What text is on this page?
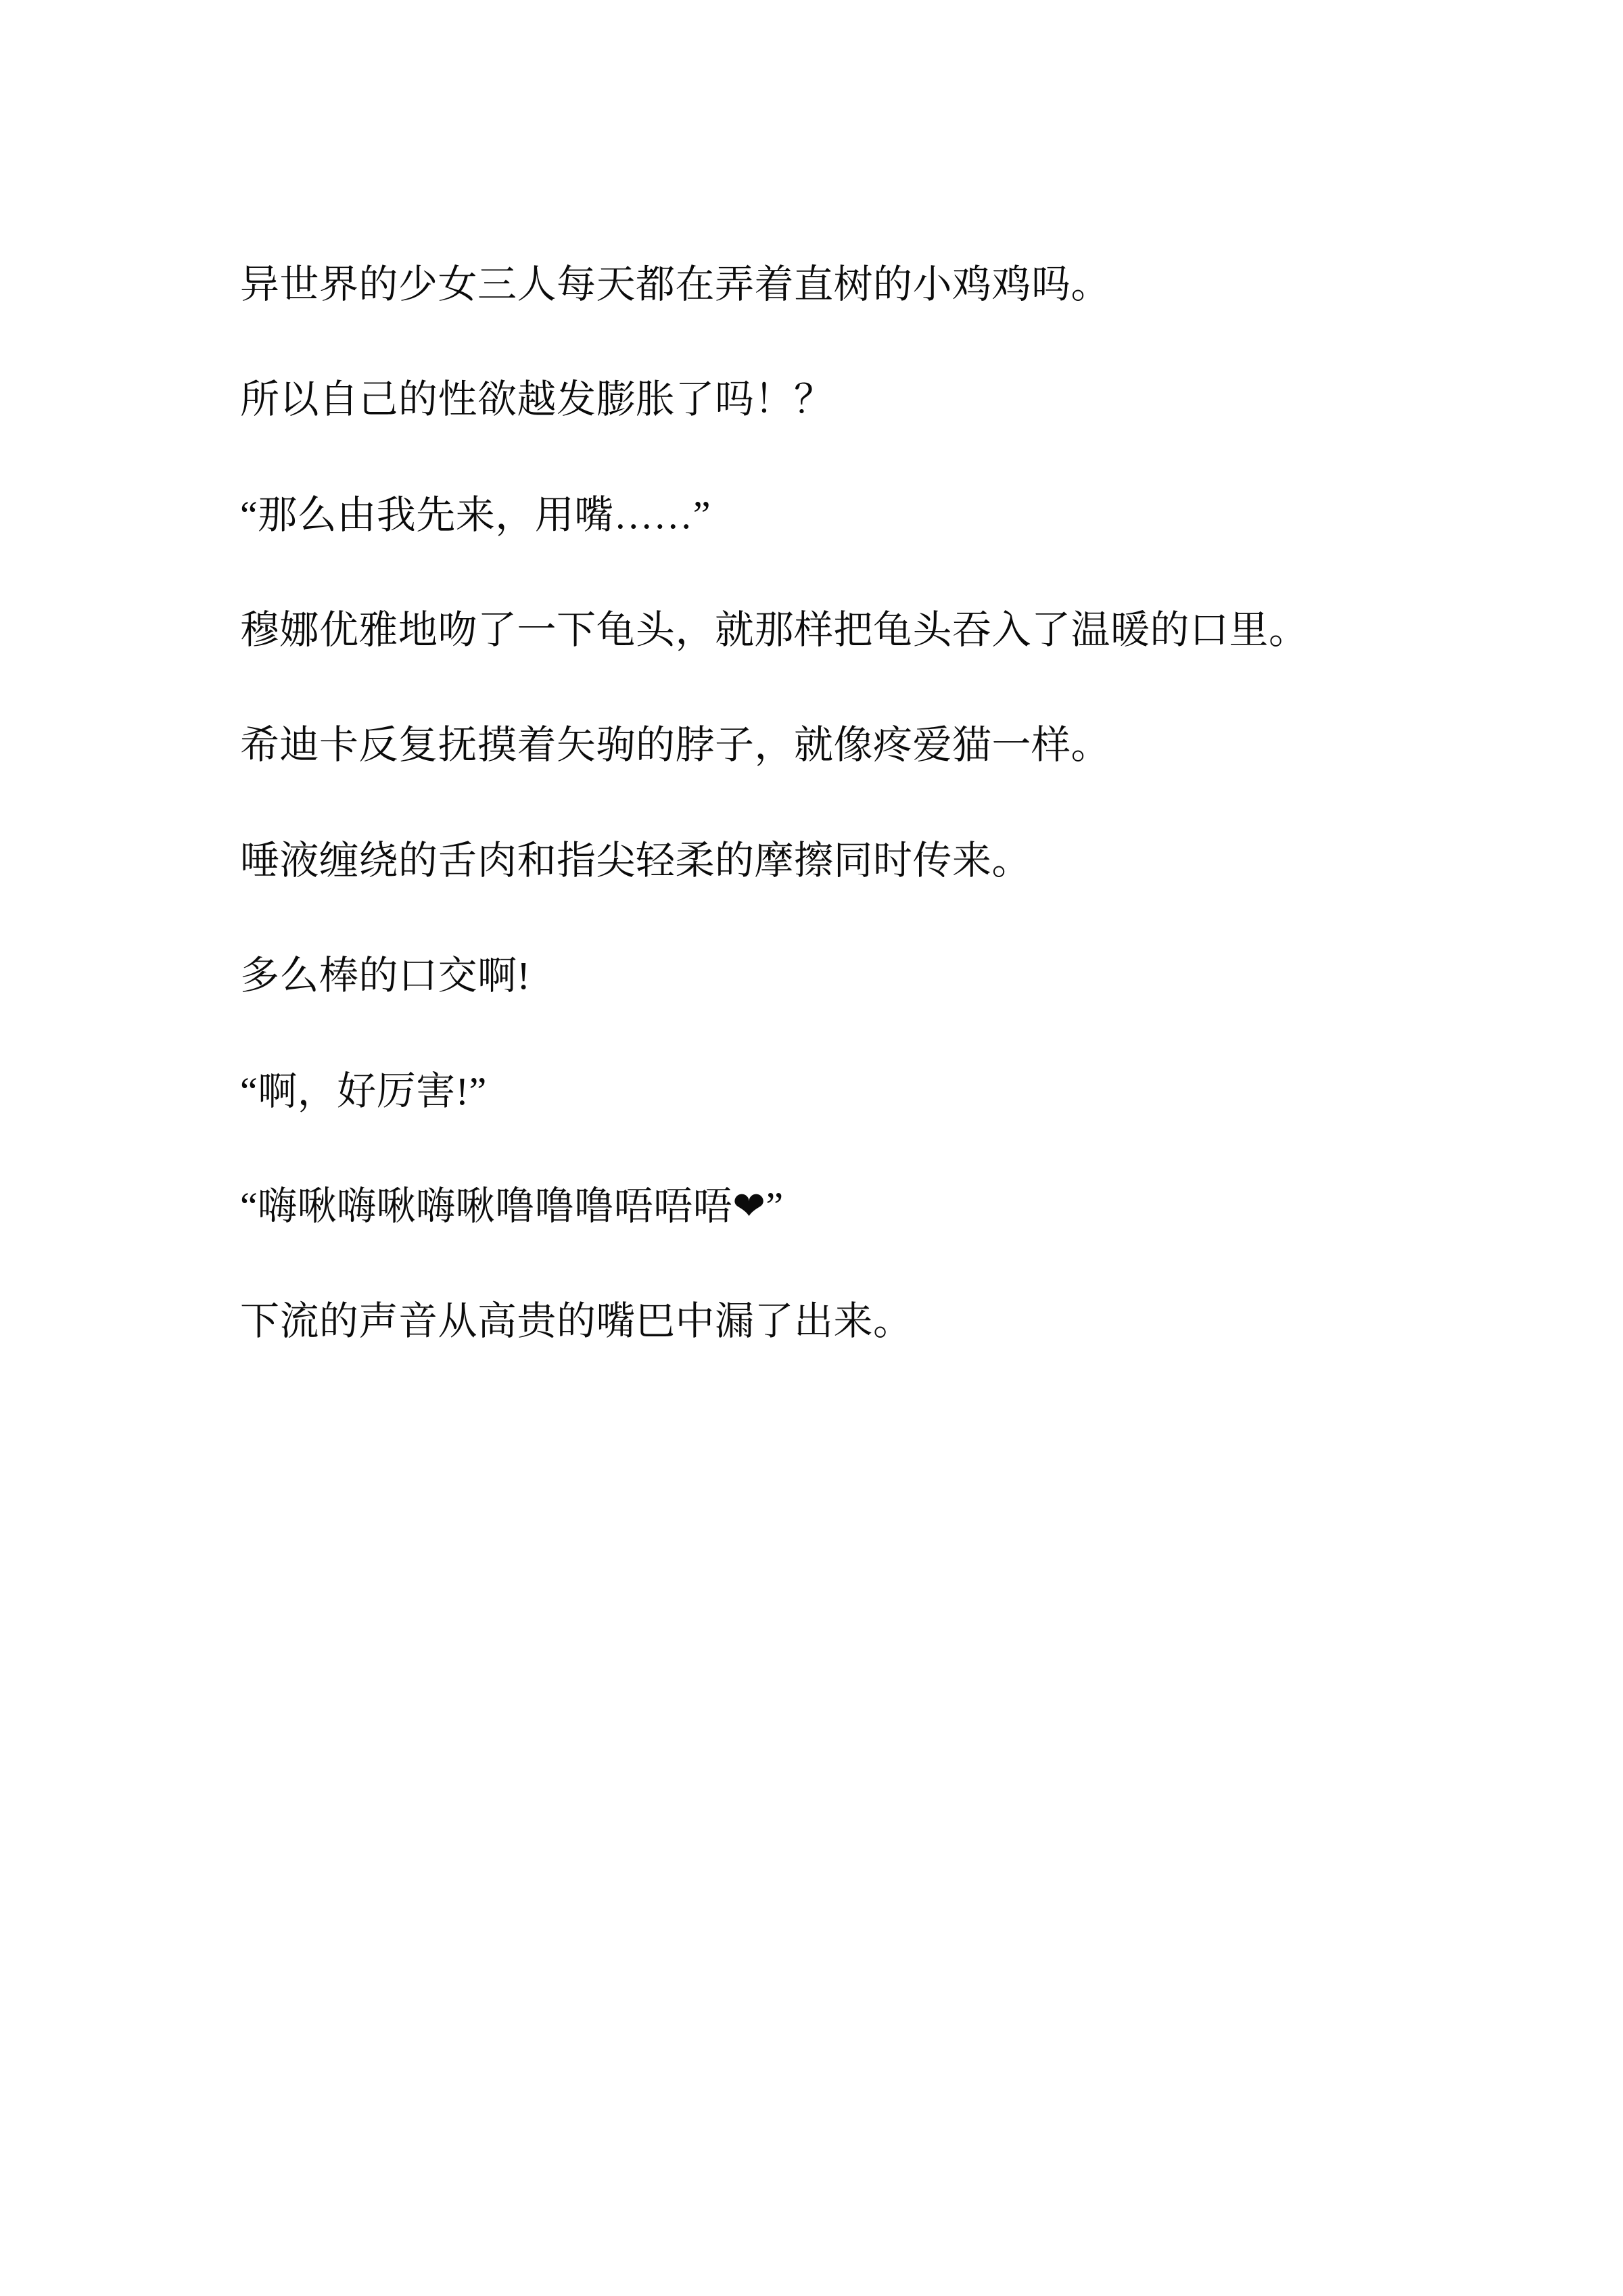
异世界的少女三人每天都在弄着直树的小鸡鸡吗。

所以自己的性欲越发膨胀了吗！？

“那么由我先来，用嘴……”

穆娜优雅地吻了一下龟头，就那样把龟头吞入了温暖的口里。

希迪卡反复抚摸着矢驹的脖子，就像疼爱猫一样。

唾液缠绕的舌肉和指尖轻柔的摩擦同时传来。

多么棒的口交啊!

“啊，好厉害!”

“嗨啾嗨啾嗨啾噜噜噜唔唔唔❤”

下流的声音从高贵的嘴巴中漏了出来。
